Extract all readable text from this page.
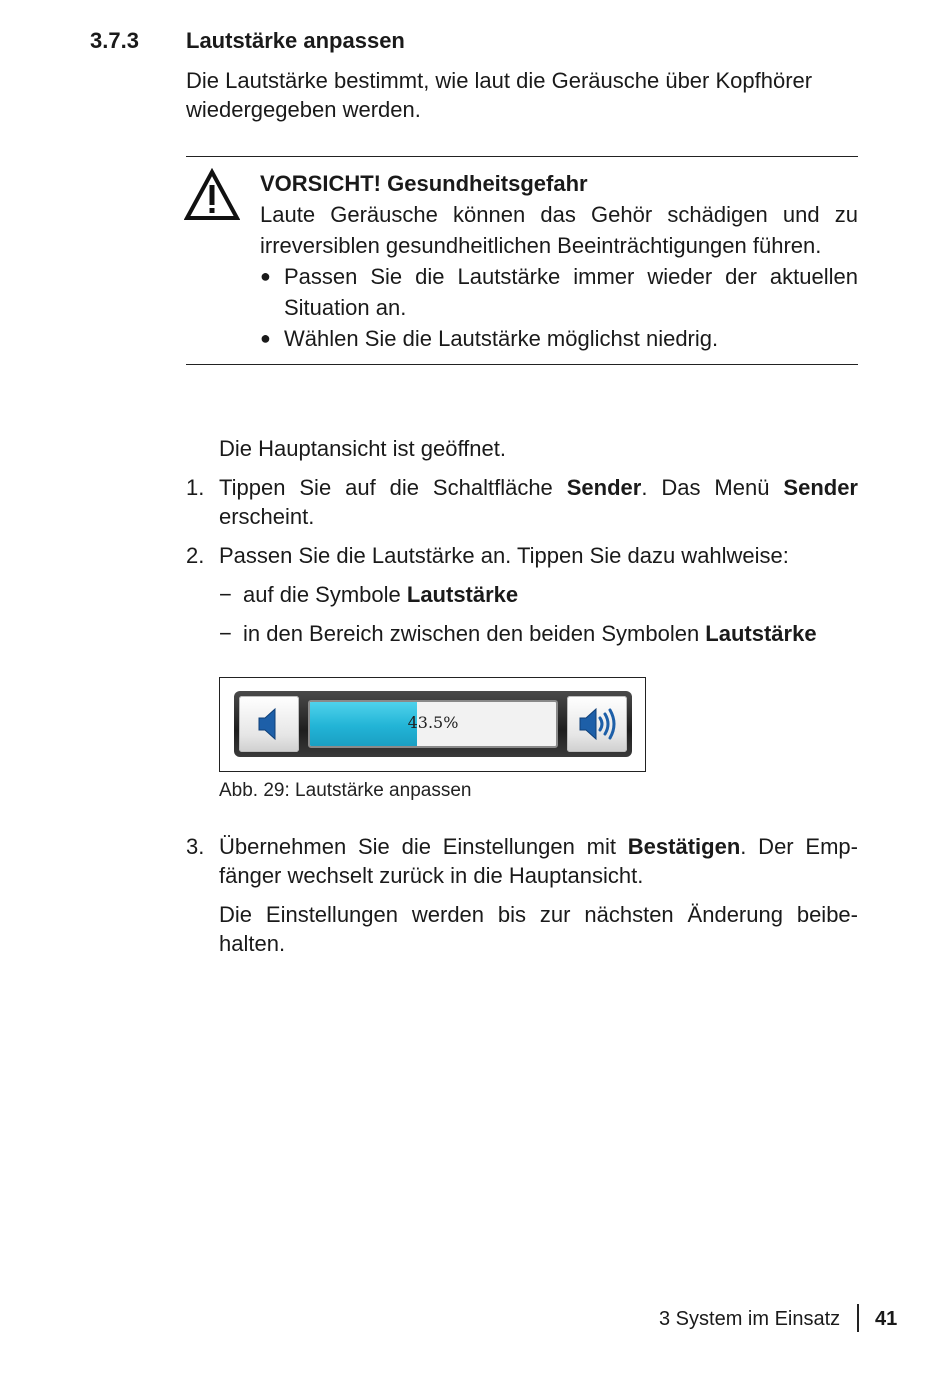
3.7.3 Lautstärke anpassen
Die Lautstärke bestimmt, wie laut die Geräusche über Kopfhörer wiedergegeben werden.
VORSICHT! Gesundheitsgefahr
Laute Geräusche können das Gehör schädigen und zu
irreversiblen gesundheitlichen Beeinträchtigungen führen.
● Passen Sie die Lautstärke immer wieder der aktuellen Situation an.
● Wählen Sie die Lautstärke möglichst niedrig.
Die Hauptansicht ist geöffnet.
1. Tippen Sie auf die Schaltfläche Sender. Das Menü Sender erscheint.
2. Passen Sie die Lautstärke an. Tippen Sie dazu wahlweise:
− auf die Symbole Lautstärke
− in den Bereich zwischen den beiden Symbolen Lautstärke
43.5%
Abb. 29: Lautstärke anpassen
3. Übernehmen Sie die Einstellungen mit Bestätigen. Der Empfänger wechselt zurück in die Hauptansicht.
Die Einstellungen werden bis zur nächsten Änderung beibehalten.
3 System im Einsatz 41
